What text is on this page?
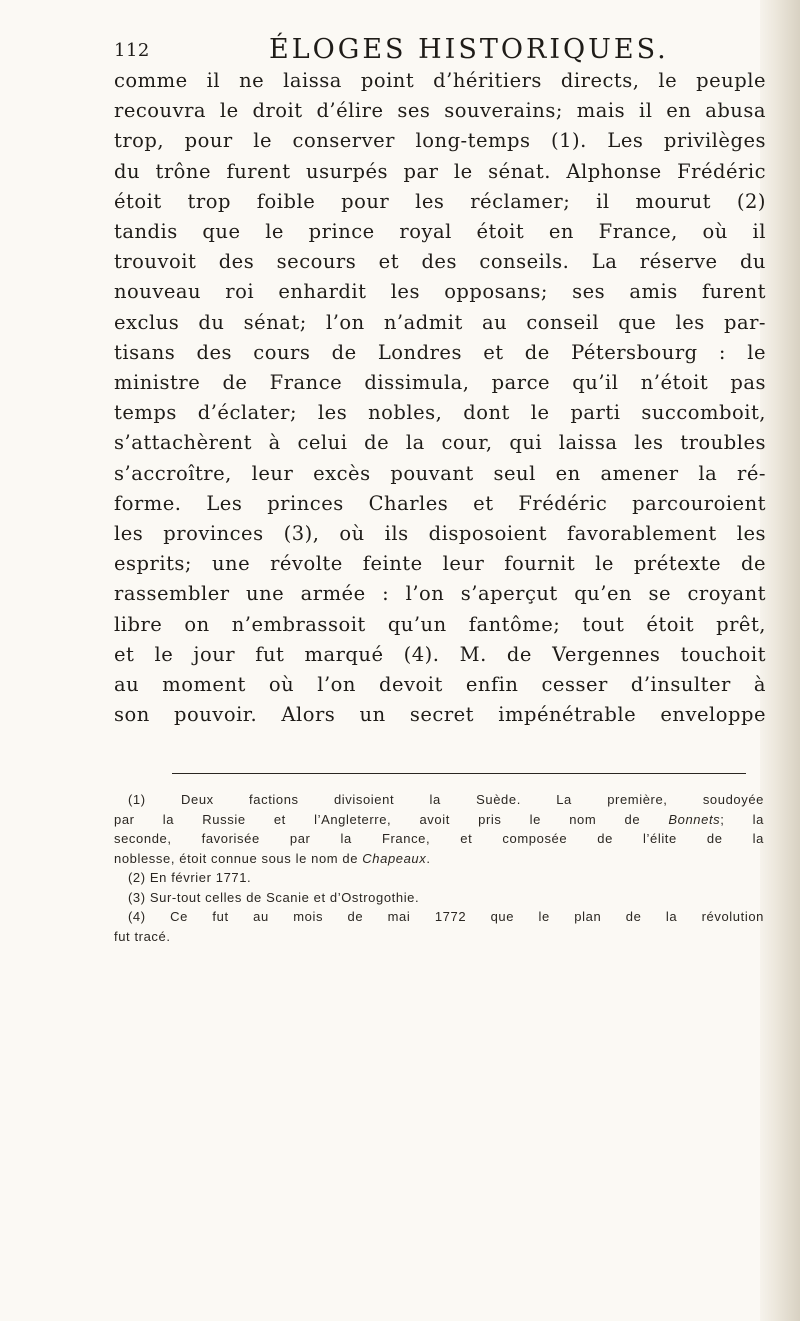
112	ÉLOGES HISTORIQUES.
comme il ne laissa point d’héritiers directs, le peuple
recouvra le droit d’élire ses souverains; mais il en abusa
trop, pour le conserver long-temps (1). Les privilèges
du trône furent usurpés par le sénat. Alphonse Frédéric
étoit trop foible pour les réclamer; il mourut (2)
tandis que le prince royal étoit en France, où il
trouvoit des secours et des conseils. La réserve du
nouveau roi enhardit les opposans; ses amis furent
exclus du sénat; l’on n’admit au conseil que les par-
tisans des cours de Londres et de Pétersbourg : le
ministre de France dissimula, parce qu’il n’étoit pas
temps d’éclater; les nobles, dont le parti succomboit,
s’attachèrent à celui de la cour, qui laissa les troubles
s’accroître, leur excès pouvant seul en amener la ré-
forme. Les princes Charles et Frédéric parcouroient
les provinces (3), où ils disposoient favorablement les
esprits; une révolte feinte leur fournit le prétexte de
rassembler une armée : l’on s’aperçut qu’en se croyant
libre on n’embrassoit qu’un fantôme; tout étoit prêt,
et le jour fut marqué (4). M. de Vergennes touchoit
au moment où l’on devoit enfin cesser d’insulter à
son pouvoir. Alors un secret impénétrable enveloppe
(1) Deux factions divisoient la Suède. La première, soudoyée
par la Russie et l’Angleterre, avoit pris le nom de Bonnets; la
seconde, favorisée par la France, et composée de l’élite de la
noblesse, étoit connue sous le nom de Chapeaux.
(2) En février 1771.
(3) Sur-tout celles de Scanie et d’Ostrogothie.
(4) Ce fut au mois de mai 1772 que le plan de la révolution
fut tracé.
